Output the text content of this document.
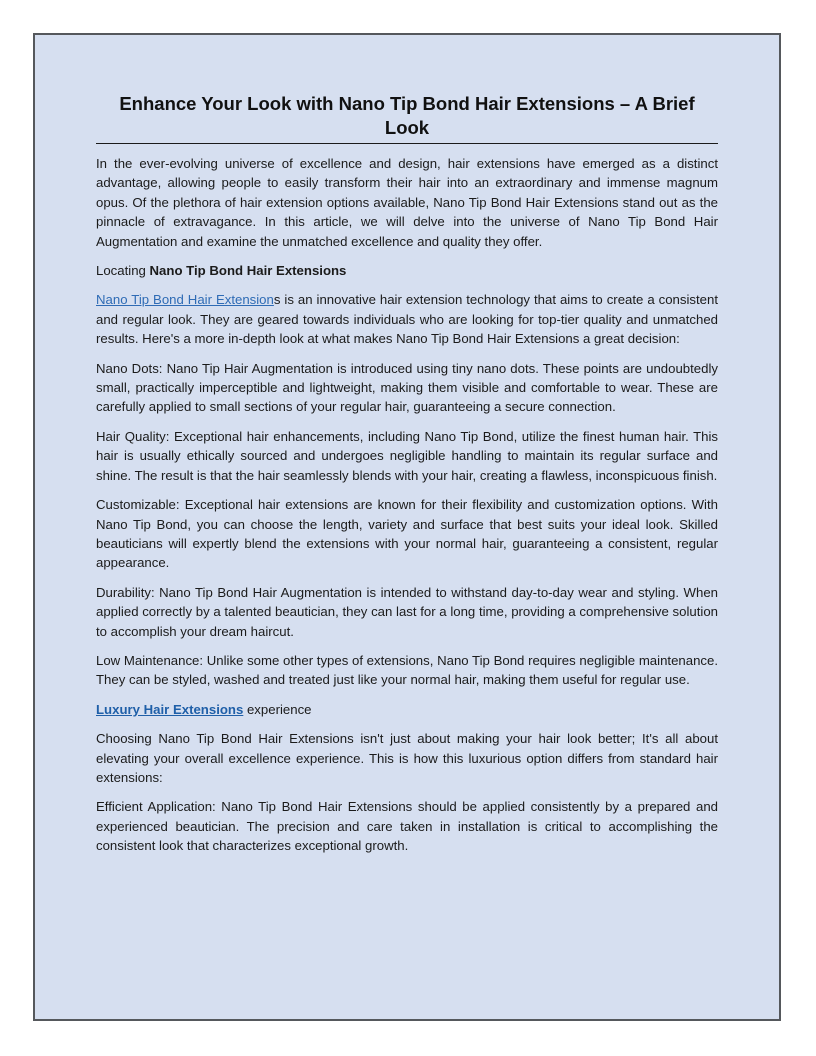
Enhance Your Look with Nano Tip Bond Hair Extensions – A Brief Look

In the ever-evolving universe of excellence and design, hair extensions have emerged as a distinct advantage, allowing people to easily transform their hair into an extraordinary and immense magnum opus. Of the plethora of hair extension options available, Nano Tip Bond Hair Extensions stand out as the pinnacle of extravagance. In this article, we will delve into the universe of Nano Tip Bond Hair Augmentation and examine the unmatched excellence and quality they offer.

Locating Nano Tip Bond Hair Extensions

Nano Tip Bond Hair Extensions is an innovative hair extension technology that aims to create a consistent and regular look. They are geared towards individuals who are looking for top-tier quality and unmatched results. Here's a more in-depth look at what makes Nano Tip Bond Hair Extensions a great decision:

Nano Dots: Nano Tip Hair Augmentation is introduced using tiny nano dots. These points are undoubtedly small, practically imperceptible and lightweight, making them visible and comfortable to wear. These are carefully applied to small sections of your regular hair, guaranteeing a secure connection.

Hair Quality: Exceptional hair enhancements, including Nano Tip Bond, utilize the finest human hair. This hair is usually ethically sourced and undergoes negligible handling to maintain its regular surface and shine. The result is that the hair seamlessly blends with your hair, creating a flawless, inconspicuous finish.

Customizable: Exceptional hair extensions are known for their flexibility and customization options. With Nano Tip Bond, you can choose the length, variety and surface that best suits your ideal look. Skilled beauticians will expertly blend the extensions with your normal hair, guaranteeing a consistent, regular appearance.

Durability: Nano Tip Bond Hair Augmentation is intended to withstand day-to-day wear and styling. When applied correctly by a talented beautician, they can last for a long time, providing a comprehensive solution to accomplish your dream haircut.

Low Maintenance: Unlike some other types of extensions, Nano Tip Bond requires negligible maintenance. They can be styled, washed and treated just like your normal hair, making them useful for regular use.

Luxury Hair Extensions experience

Choosing Nano Tip Bond Hair Extensions isn't just about making your hair look better; It's all about elevating your overall excellence experience. This is how this luxurious option differs from standard hair extensions:

Efficient Application: Nano Tip Bond Hair Extensions should be applied consistently by a prepared and experienced beautician. The precision and care taken in installation is critical to accomplishing the consistent look that characterizes exceptional growth.
